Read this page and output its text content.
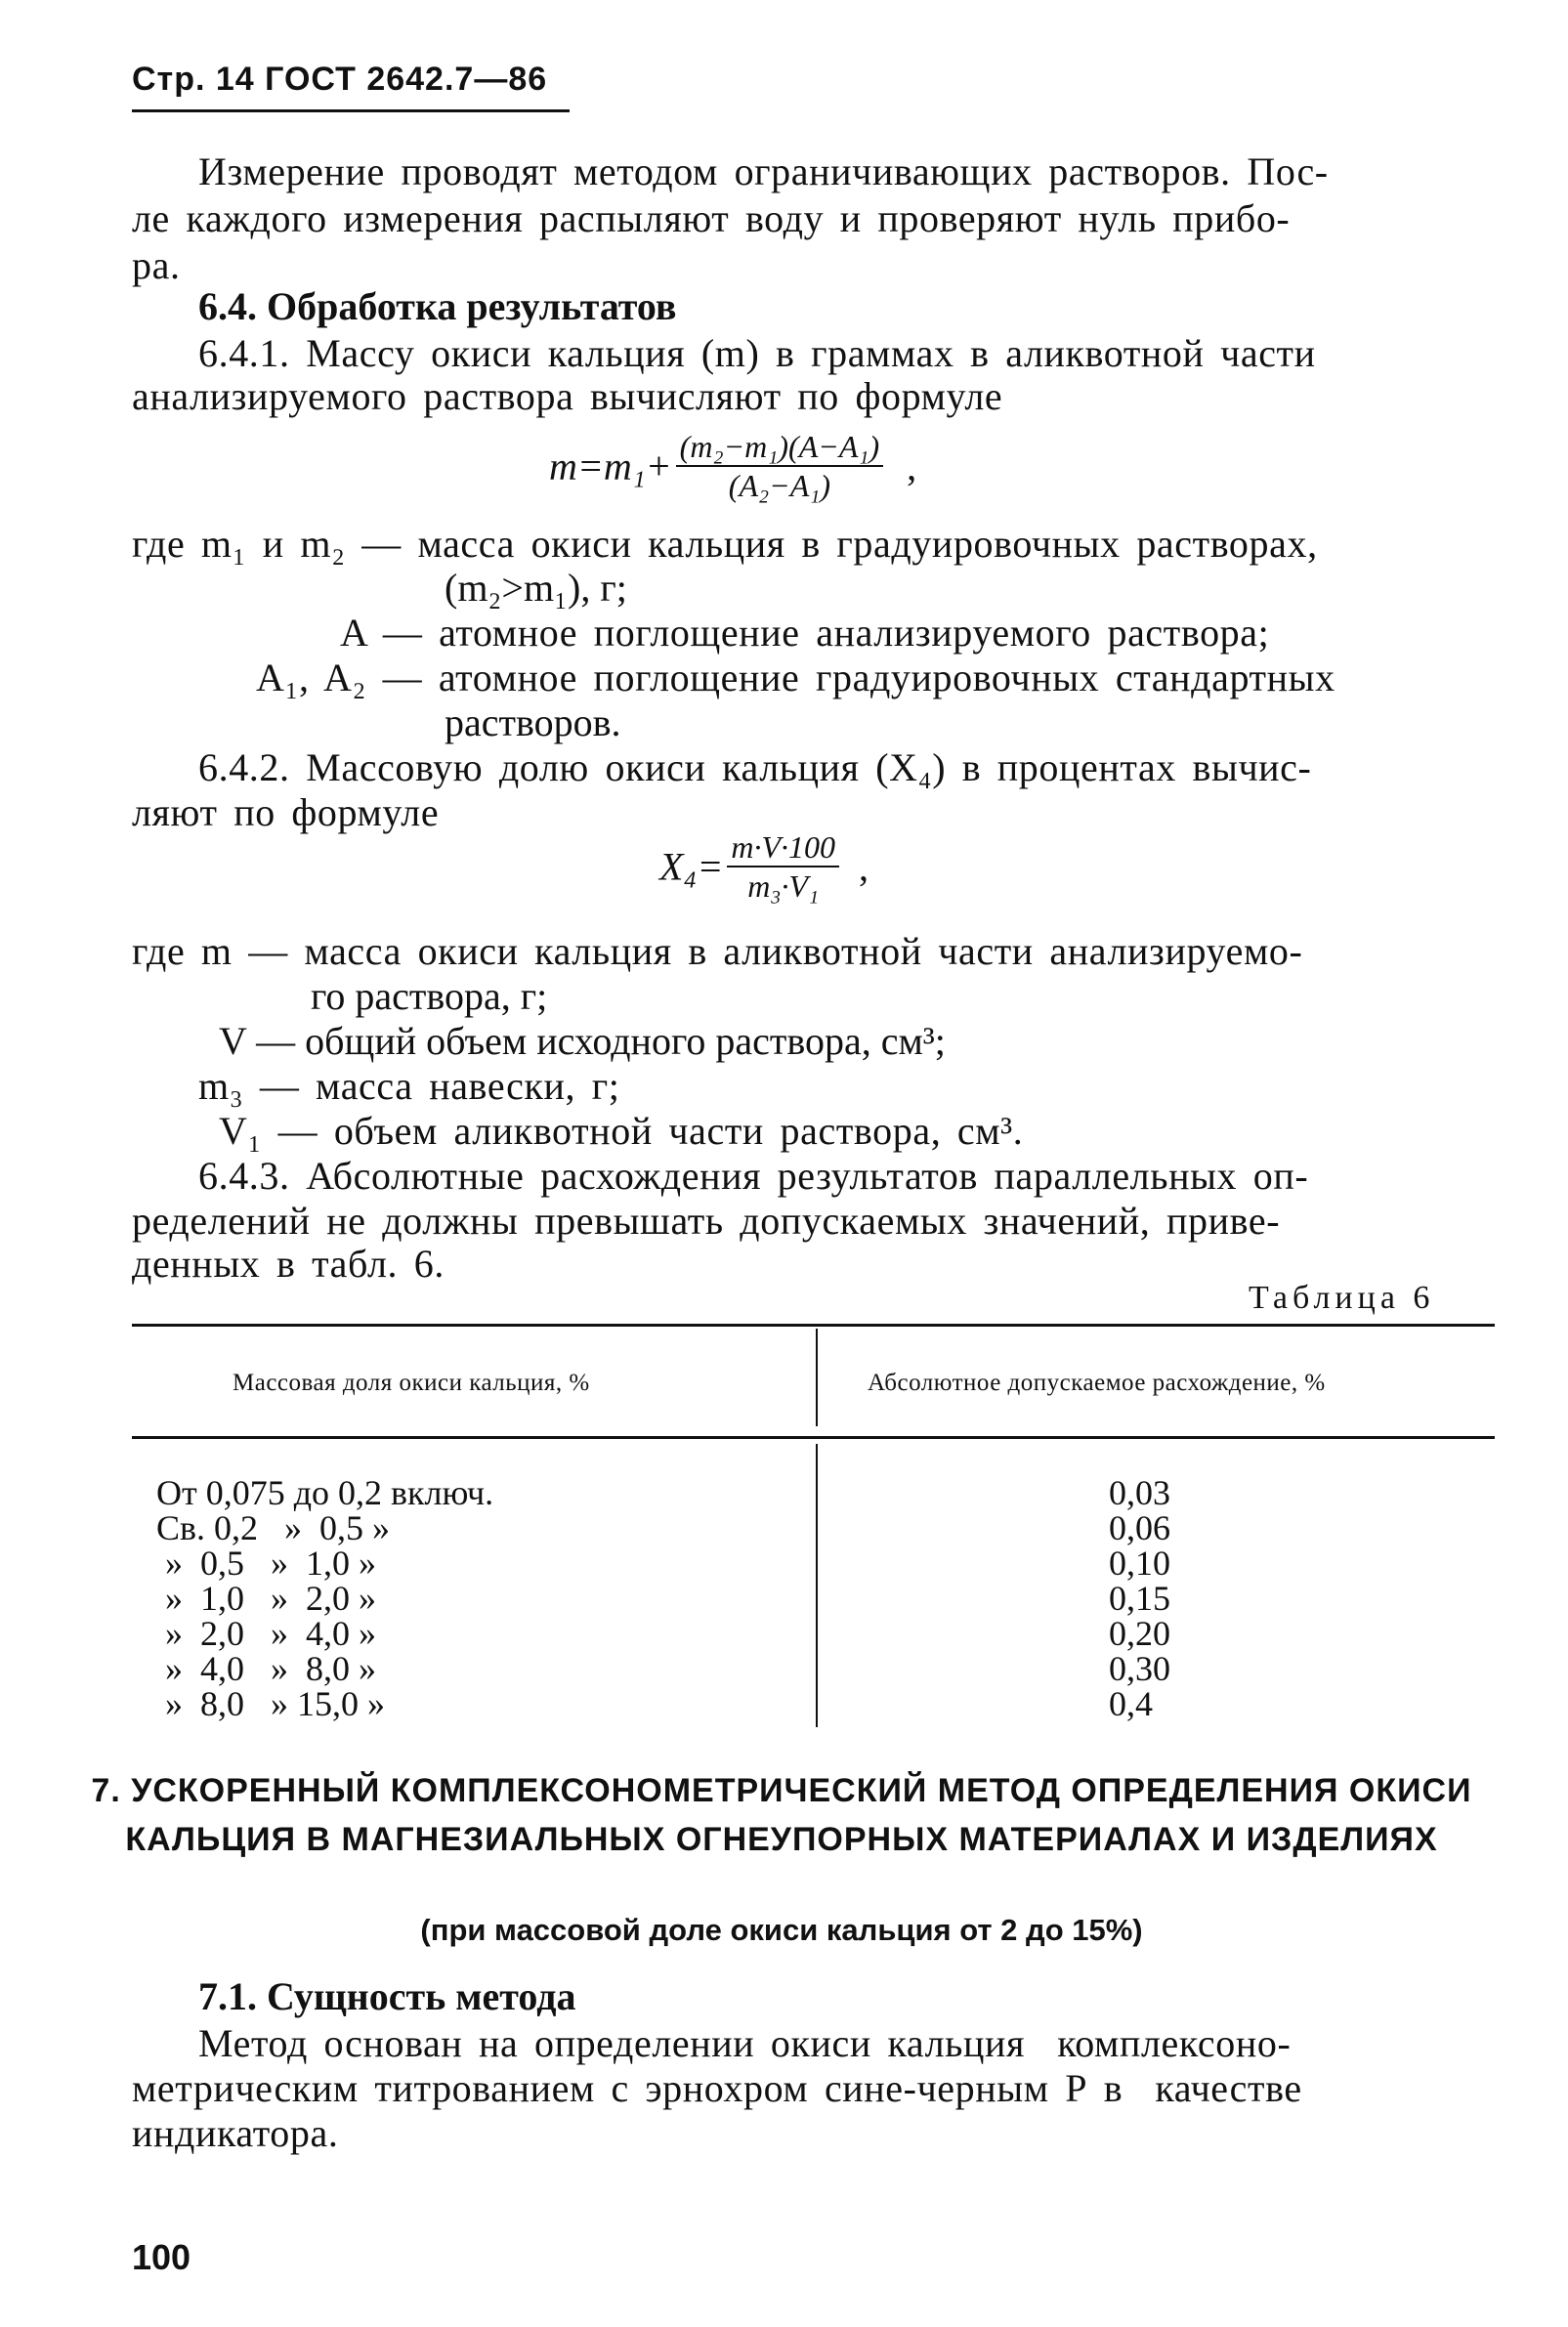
Стр. 14 ГОСТ 2642.7—86
Измерение проводят методом ограничивающих растворов. Пос-
ле каждого измерения распыляют воду и проверяют нуль прибо-
ра.
6.4. Обработка результатов
6.4.1. Массу окиси кальция (m) в граммах в аликвотной части
анализируемого раствора вычисляют по формуле
$m=m_1+ \frac{\text{(m₂−m₁)(A−A₁)}}{\text{(A₂−A₁)}}$ ,
где m₁ и m₂ — масса окиси кальция в градуировочных растворах,
(m₂>m₁), г;
A — атомное поглощение анализируемого раствора;
A₁, A₂ — атомное поглощение градуировочных стандартных
растворов.
6.4.2. Массовую долю окиси кальция (X₄) в процентах вычис-
ляют по формуле
$X_4= \frac{m\cdot V\cdot 100}{\text{m₃·V₁}}$ ,
где m — масса окиси кальция в аликвотной части анализируемо-
го раствора, г;
V — общий объем исходного раствора, см³;
m₃ — масса навески, г;
V₁ — объем аликвотной части раствора, см³.
6.4.3. Абсолютные расхождения результатов параллельных оп-
ределений не должны превышать допускаемых значений, приве-
денных в табл. 6.
Таблица 6
Массовая доля окиси кальция, %	Абсолютное допускаемое расхождение, %
От 0,075 до 0,2 включ.
Св. 0,2   »  0,5 »
»  0,5   »  1,0 »
»  1,0   »  2,0 »
»  2,0   »  4,0 »
»  4,0   »  8,0 »
»  8,0   » 15,0 »
0,03
0,06
0,10
0,15
0,20
0,30
0,4
7. УСКОРЕННЫЙ КОМПЛЕКСОНОМЕТРИЧЕСКИЙ МЕТОД ОПРЕДЕЛЕНИЯ ОКИСИ КАЛЬЦИЯ В МАГНЕЗИАЛЬНЫХ ОГНЕУПОРНЫХ МАТЕРИАЛАХ И ИЗДЕЛИЯХ
(при массовой доле окиси кальция от 2 до 15%)
7.1. Сущность метода
Метод основан на определении окиси кальция  комплексоно-
метрическим титрованием с эрнохром сине-черным Р в  качестве
индикатора.
100
